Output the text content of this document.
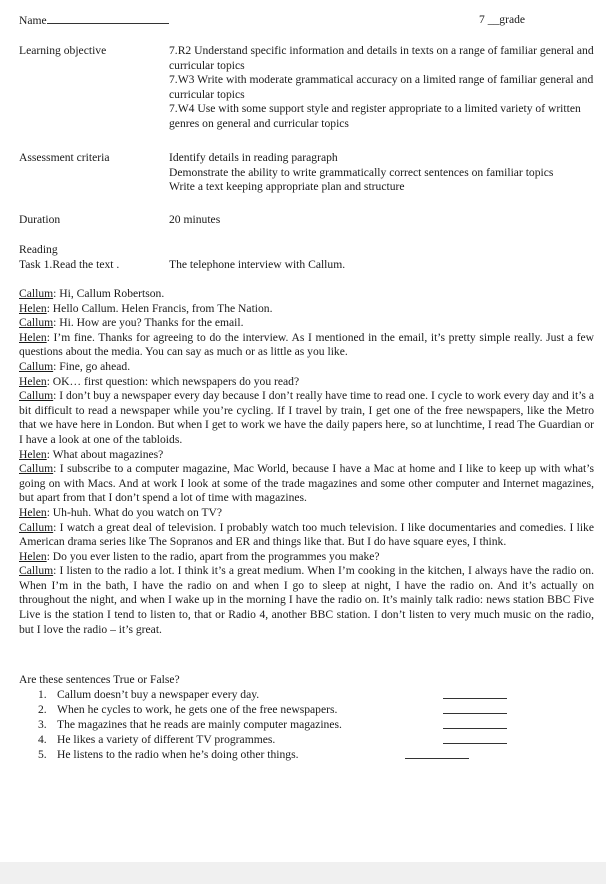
Name	7 __grade
Learning objective	7.R2 Understand specific information and details in texts on a range of familiar general and curricular topics
7.W3 Write with moderate grammatical accuracy on a limited range of familiar general and curricular topics
7.W4 Use with some support style and register appropriate to a limited variety of written genres on general and curricular topics
Assessment criteria	Identify details in reading paragraph
Demonstrate the ability to write grammatically correct sentences on familiar topics
Write a text keeping appropriate plan and structure
Duration	20 minutes
Reading
Task 1.Read the text .	The telephone interview with Callum.

Callum: Hi, Callum Robertson.

Helen: Hello Callum. Helen Francis, from The Nation.

Callum: Hi. How are you? Thanks for the email.

Helen: I’m fine. Thanks for agreeing to do the interview. As I mentioned in the email, it’s pretty simple really. Just a few questions about the media. You can say as much or as little as you like.

Callum: Fine, go ahead.

Helen: OK… first question: which newspapers do you read?

Callum: I don’t buy a newspaper every day because I don’t really have time to read one. I cycle to work every day and it’s a bit difficult to read a newspaper while you’re cycling. If I travel by train, I get one of the free newspapers, like the Metro that we have here in London. But when I get to work we have the daily papers here, so at lunchtime, I read The Guardian or I have a look at one of the tabloids.

Helen: What about magazines?

Callum: I subscribe to a computer magazine, Mac World, because I have a Mac at home and I like to keep up with what’s going on with Macs. And at work I look at some of the trade magazines and some other computer and Internet magazines, but apart from that I don’t spend a lot of time with magazines.

Helen: Uh-huh. What do you watch on TV?

Callum: I watch a great deal of television. I probably watch too much television. I like documentaries and comedies. I like American drama series like The Sopranos and ER and things like that. But I do have square eyes, I think.

Helen: Do you ever listen to the radio, apart from the programmes you make?

Callum: I listen to the radio a lot. I think it’s a great medium. When I’m cooking in the kitchen, I always have the radio on. When I’m in the bath, I have the radio on and when I go to sleep at night, I have the radio on. And it’s actually on throughout the night, and when I wake up in the morning I have the radio on. It’s mainly talk radio: news station BBC Five Live is the station I tend to listen to, that or Radio 4, another BBC station. I don’t listen to very much music on the radio, but I love the radio – it’s great.

Are these sentences True or False?
1. Callum doesn’t buy a newspaper every day.
2. When he cycles to work, he gets one of the free newspapers.
3. The magazines that he reads are mainly computer magazines.
4. He likes a variety of different TV programmes.
5. He listens to the radio when he’s doing other things.
